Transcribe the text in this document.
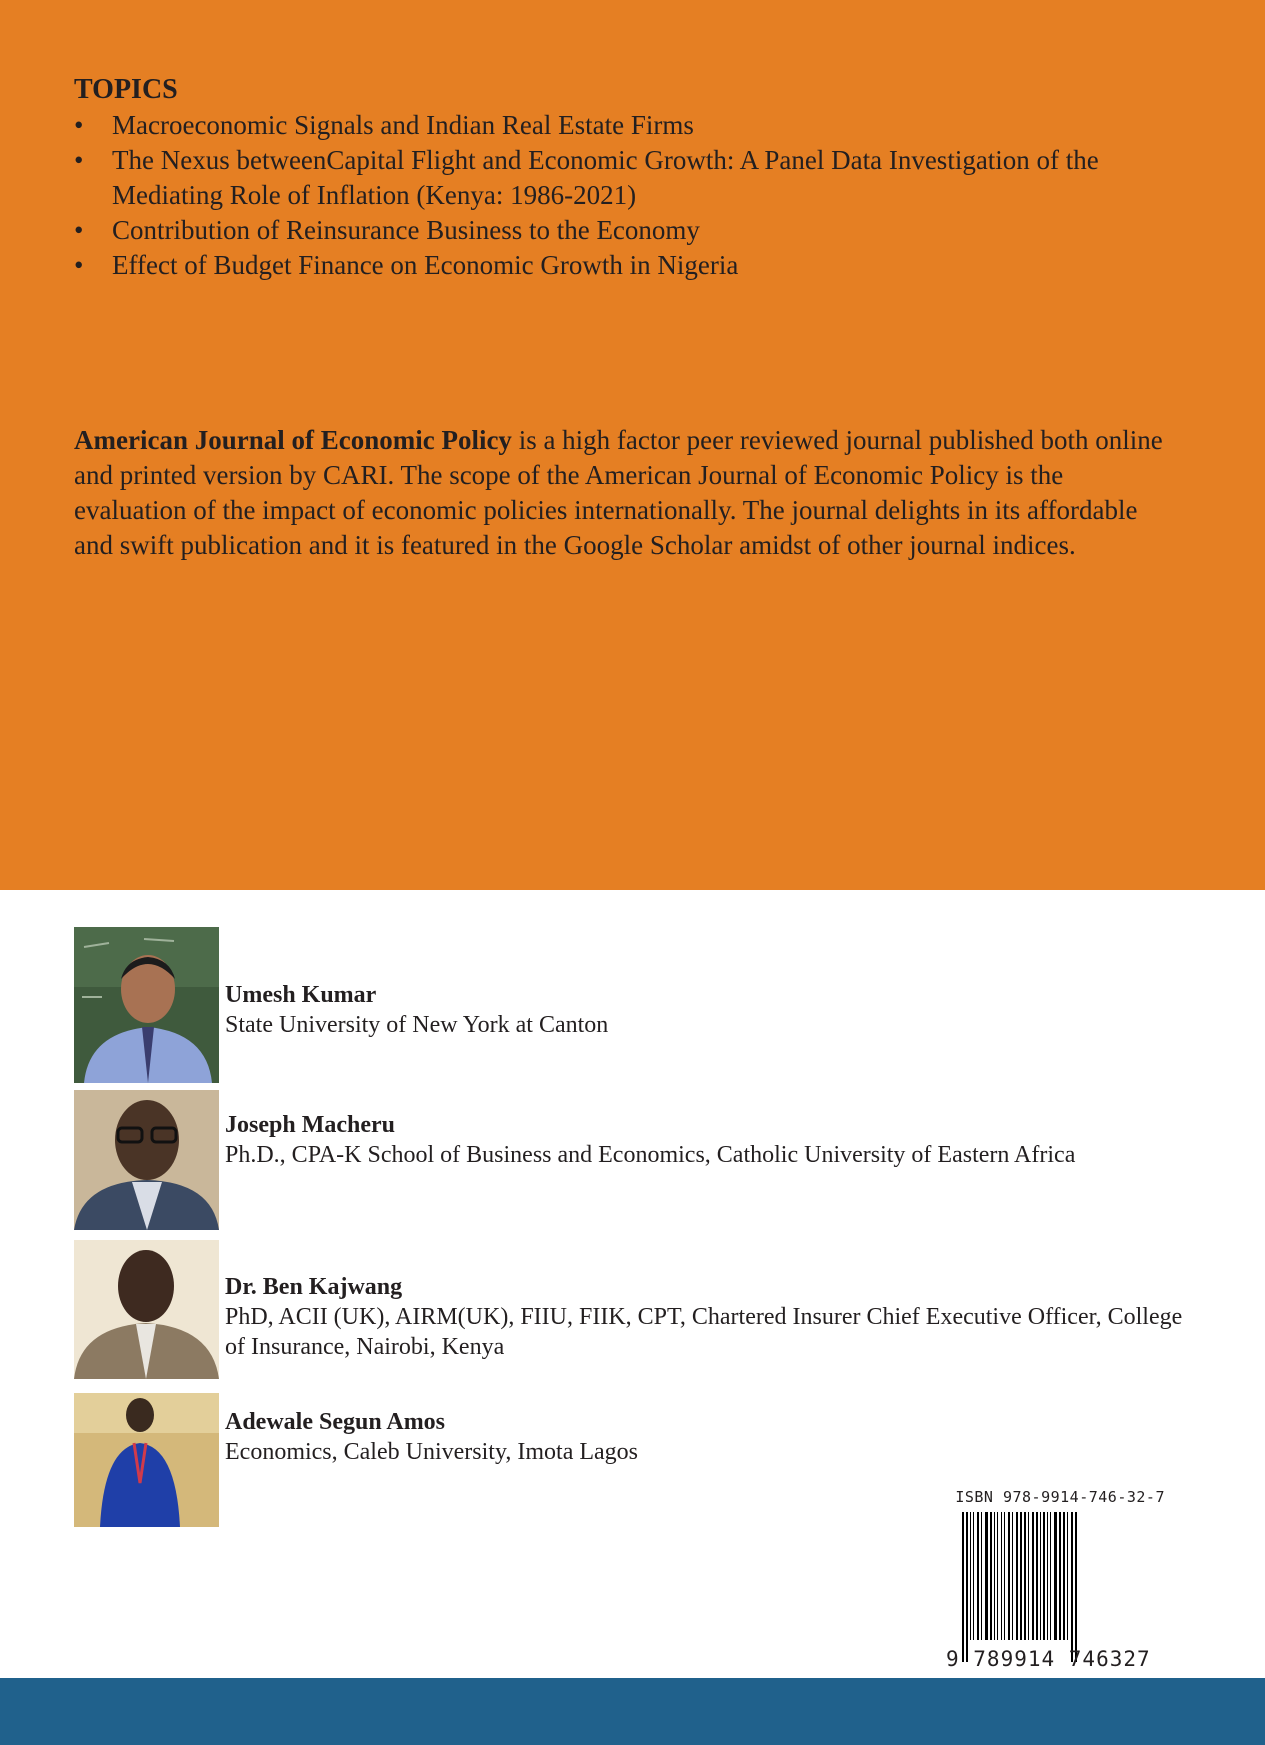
TOPICS
• Macroeconomic Signals and Indian Real Estate Firms
• The Nexus betweenCapital Flight and Economic Growth: A Panel Data Investigation of the Mediating Role of Inflation (Kenya: 1986-2021)
• Contribution of Reinsurance Business to the Economy
• Effect of Budget Finance on Economic Growth in Nigeria

American Journal of Economic Policy is a high factor peer reviewed journal published both online and printed version by CARI. The scope of the American Journal of Economic Policy is the evaluation of the impact of economic policies internationally. The journal delights in its affordable and swift publication and it is featured in the Google Scholar amidst of other journal indices.

Umesh Kumar
State University of New York at Canton
Joseph Macheru
Ph.D., CPA-K School of Business and Economics, Catholic University of Eastern Africa
Dr. Ben Kajwang
PhD, ACII (UK), AIRM(UK), FIIU, FIIK, CPT, Chartered Insurer Chief Executive Officer, College of Insurance, Nairobi, Kenya
Adewale Segun Amos
Economics, Caleb University, Imota Lagos
ISBN 978-9914-746-32-7
9 789914 746327
